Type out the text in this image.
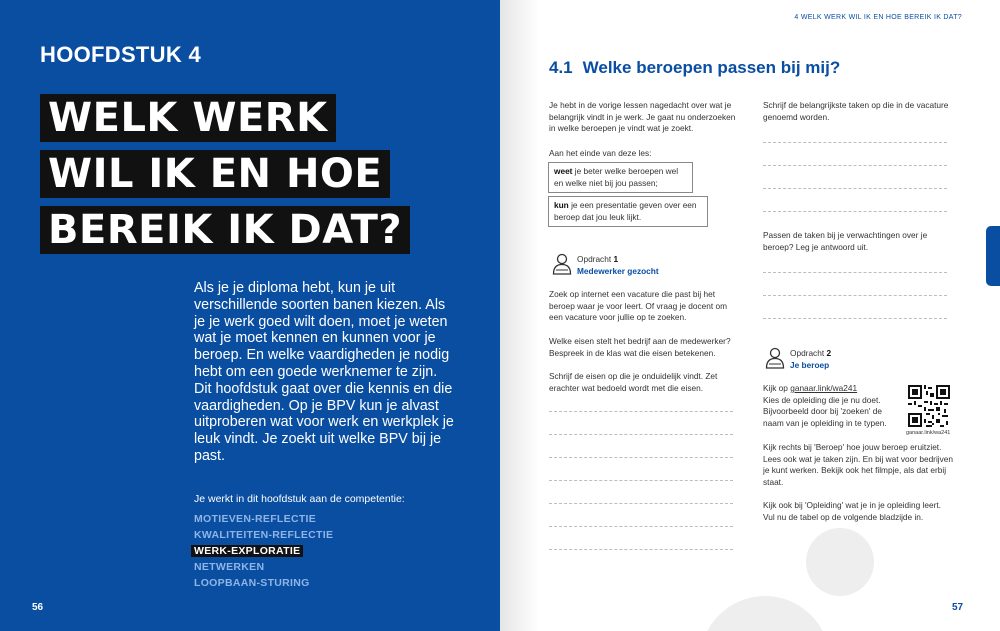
HOOFDSTUK 4
WELK WERK
WIL IK EN HOE
BEREIK IK DAT?

Als je je diploma hebt, kun je uit verschillende soorten banen kiezen. Als je je werk goed wilt doen, moet je weten wat je moet kennen en kunnen voor je beroep. En welke vaardigheden je nodig hebt om een goede werknemer te zijn. Dit hoofdstuk gaat over die kennis en die vaardigheden. Op je BPV kun je alvast uitproberen wat voor werk en werkplek je leuk vindt. Je zoekt uit welke BPV bij je past.

Je werkt in dit hoofdstuk aan de competentie:
MOTIEVEN-REFLECTIE
KWALITEITEN-REFLECTIE
WERK-EXPLORATIE
NETWERKEN
LOOPBAAN-STURING
56
4 WELK WERK WIL IK EN HOE BEREIK IK DAT?
4.1 Welke beroepen passen bij mij?

Je hebt in de vorige lessen nagedacht over wat je belangrijk vindt in je werk. Je gaat nu onderzoeken in welke beroepen je vindt wat je zoekt.

Aan het einde van deze les:

weet je beter welke beroepen wel en welke niet bij jou passen;
kun je een presentatie geven over een beroep dat jou leuk lijkt.
Opdracht 1
Medewerker gezocht

Zoek op internet een vacature die past bij het beroep waar je voor leert. Of vraag je docent om een vacature voor jullie op te zoeken.

Welke eisen stelt het bedrijf aan de medewerker? Bespreek in de klas wat die eisen betekenen.

Schrijf de eisen op die je onduidelijk vindt. Zet erachter wat bedoeld wordt met die eisen.

Schrijf de belangrijkste taken op die in de vacature genoemd worden.

Passen de taken bij je verwachtingen over je beroep? Leg je antwoord uit.

Opdracht 2
Je beroep

Kijk op ganaar.link/wa241
Kies de opleiding die je nu doet. Bijvoorbeeld door bij 'zoeken' de naam van je opleiding in te typen.

ganaar.link/wa241

Kijk rechts bij 'Beroep' hoe jouw beroep eruitziet. Lees ook wat je taken zijn. En bij wat voor bedrijven je kunt werken. Bekijk ook het filmpje, als dat erbij staat.

Kijk ook bij 'Opleiding' wat je in je opleiding leert. Vul nu de tabel op de volgende bladzijde in.

57
